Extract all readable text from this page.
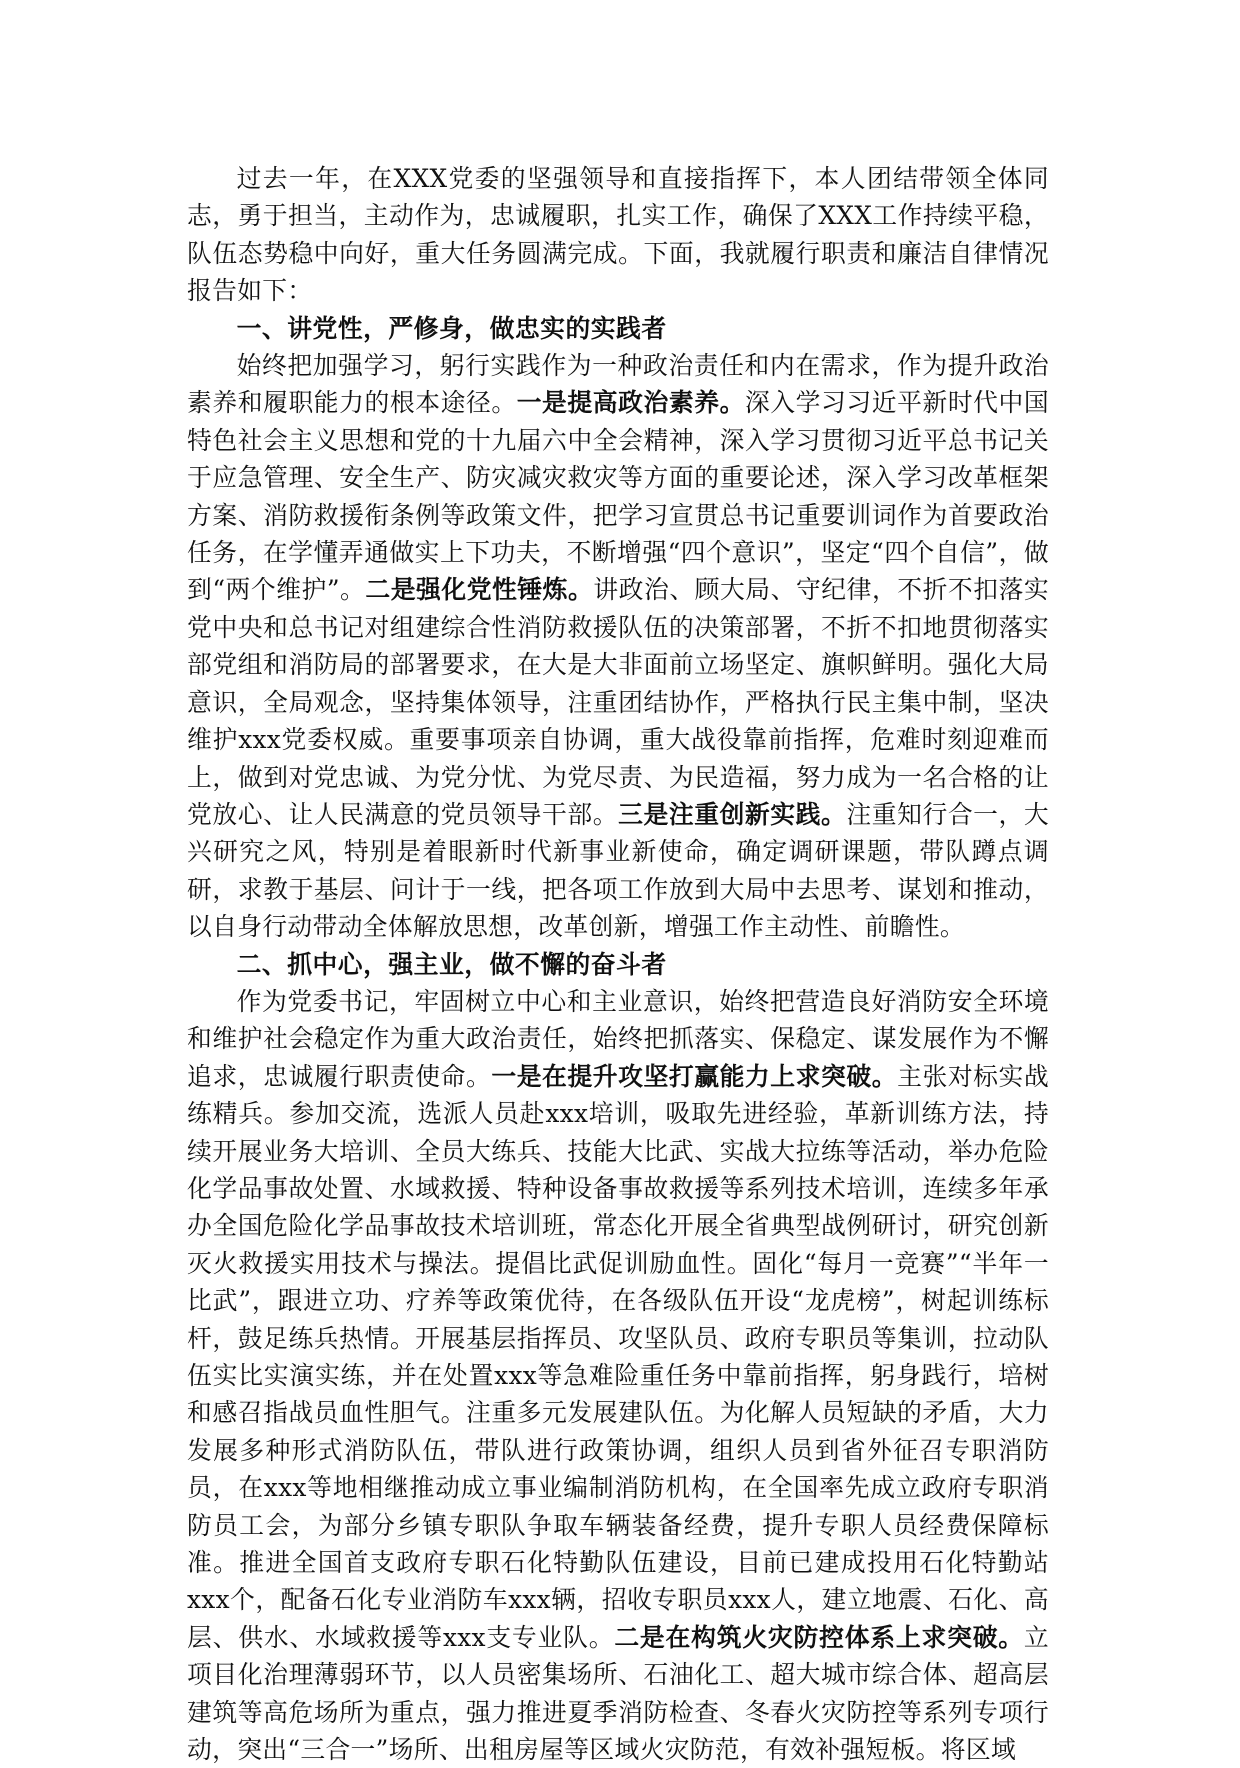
过去一年，在XXX党委的坚强领导和直接指挥下，本人团结带领全体同志，勇于担当，主动作为，忠诚履职，扎实工作，确保了XXX工作持续平稳，队伍态势稳中向好，重大任务圆满完成。下面，我就履行职责和廉洁自律情况报告如下：

一、讲党性，严修身，做忠实的实践者

始终把加强学习，躬行实践作为一种政治责任和内在需求，作为提升政治素养和履职能力的根本途径。一是提高政治素养。深入学习习近平新时代中国特色社会主义思想和党的十九届六中全会精神，深入学习贯彻习近平总书记关于应急管理、安全生产、防灾减灾救灾等方面的重要论述，深入学习改革框架方案、消防救援衔条例等政策文件，把学习宣贯总书记重要训词作为首要政治任务，在学懂弄通做实上下功夫，不断增强“四个意识”，坚定“四个自信”，做到“两个维护”。二是强化党性锤炼。讲政治、顾大局、守纪律，不折不扣落实党中央和总书记对组建综合性消防救援队伍的决策部署，不折不扣地贯彻落实部党组和消防局的部署要求，在大是大非面前立场坚定、旗帜鲜明。强化大局意识，全局观念，坚持集体领导，注重团结协作，严格执行民主集中制，坚决维护xxx党委权威。重要事项亲自协调，重大战役靠前指挥，危难时刻迎难而上，做到对党忠诚、为党分忧、为党尽责、为民造福，努力成为一名合格的让党放心、让人民满意的党员领导干部。三是注重创新实践。注重知行合一，大兴研究之风，特别是着眼新时代新事业新使命，确定调研课题，带队蹲点调研，求教于基层、问计于一线，把各项工作放到大局中去思考、谋划和推动，以自身行动带动全体解放思想，改革创新，增强工作主动性、前瞻性。

二、抓中心，强主业，做不懈的奋斗者

作为党委书记，牢固树立中心和主业意识，始终把营造良好消防安全环境和维护社会稳定作为重大政治责任，始终把抓落实、保稳定、谋发展作为不懈追求，忠诚履行职责使命。一是在提升攻坚打赢能力上求突破。主张对标实战练精兵。参加交流，选派人员赴xxx培训，吸取先进经验，革新训练方法，持续开展业务大培训、全员大练兵、技能大比武、实战大拉练等活动，举办危险化学品事故处置、水域救援、特种设备事故救援等系列技术培训，连续多年承办全国危险化学品事故技术培训班，常态化开展全省典型战例研讨，研究创新灭火救援实用技术与操法。提倡比武促训励血性。固化“每月一竞赛”“半年一比武”，跟进立功、疗养等政策优待，在各级队伍开设“龙虎榜”，树起训练标杆，鼓足练兵热情。开展基层指挥员、攻坚队员、政府专职员等集训，拉动队伍实比实演实练，并在处置xxx等急难险重任务中靠前指挥，躬身践行，培树和感召指战员血性胆气。注重多元发展建队伍。为化解人员短缺的矛盾，大力发展多种形式消防队伍，带队进行政策协调，组织人员到省外征召专职消防员，在xxx等地相继推动成立事业编制消防机构，在全国率先成立政府专职消防员工会，为部分乡镇专职队争取车辆装备经费，提升专职人员经费保障标准。推进全国首支政府专职石化特勤队伍建设，目前已建成投用石化特勤站xxx个，配备石化专业消防车xxx辆，招收专职员xxx人，建立地震、石化、高层、供水、水域救援等xxx支专业队。二是在构筑火灾防控体系上求突破。立项目化治理薄弱环节，以人员密集场所、石油化工、超大城市综合体、超高层建筑等高危场所为重点，强力推进夏季消防检查、冬春火灾防控等系列专项行动，突出“三合一”场所、出租房屋等区域火灾防范，有效补强短板。将区域
